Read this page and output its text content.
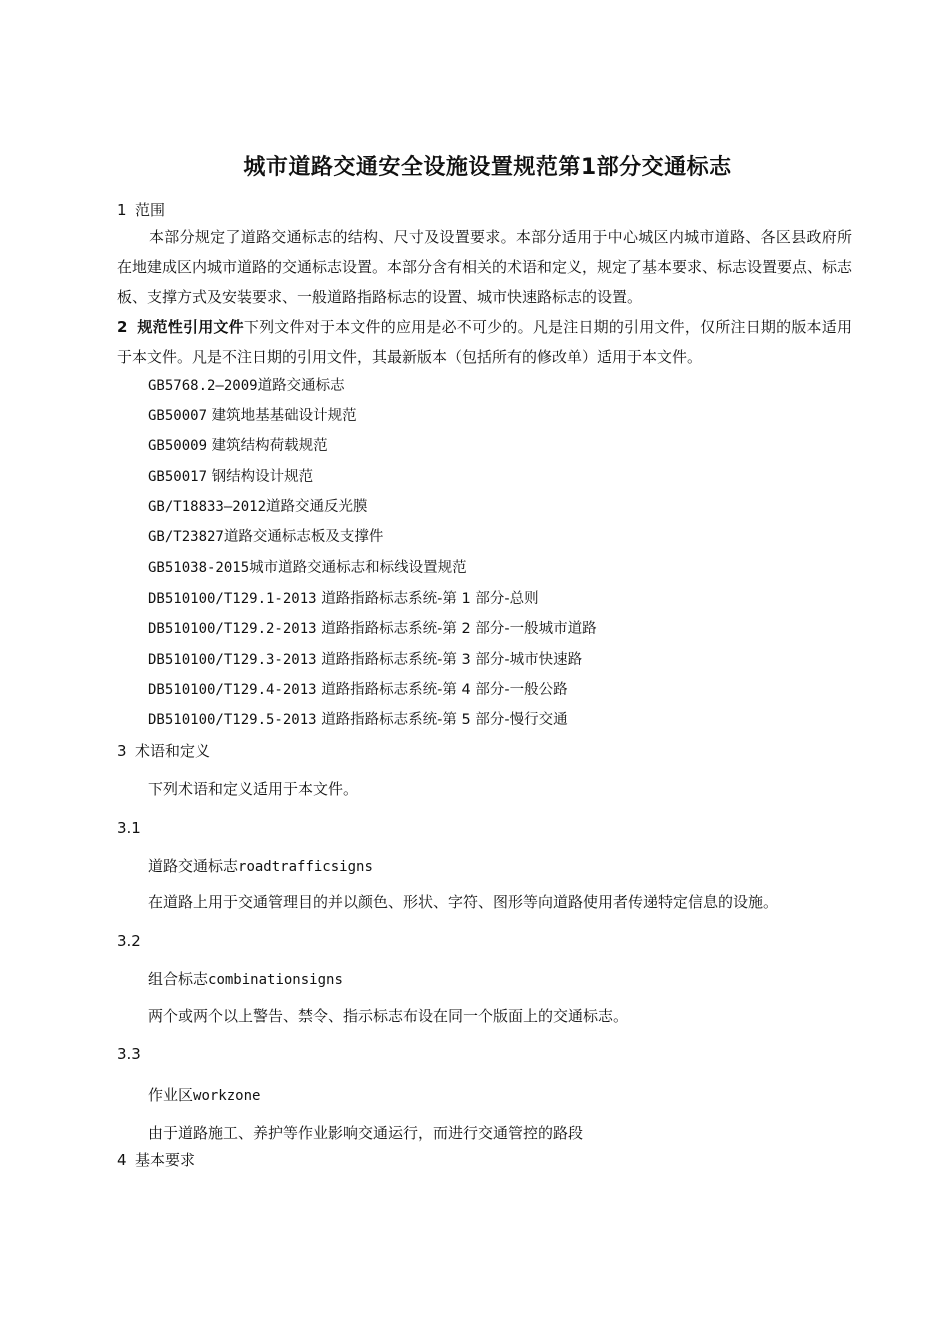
城市道路交通安全设施设置规范第1部分交通标志
1 范围
本部分规定了道路交通标志的结构、尺寸及设置要求。本部分适用于中心城区内城市道路、各区县政府所在地建成区内城市道路的交通标志设置。本部分含有相关的术语和定义，规定了基本要求、标志设置要点、标志板、支撑方式及安装要求、一般道路指路标志的设置、城市快速路标志的设置。
2 规范性引用文件下列文件对于本文件的应用是必不可少的。凡是注日期的引用文件，仅所注日期的版本适用于本文件。凡是不注日期的引用文件，其最新版本（包括所有的修改单）适用于本文件。
GB5768.2—2009道路交通标志
GB50007 建筑地基基础设计规范
GB50009 建筑结构荷载规范
GB50017 钢结构设计规范
GB/T18833—2012道路交通反光膜
GB/T23827道路交通标志板及支撑件
GB51038-2015城市道路交通标志和标线设置规范
DB510100/T129.1-2013 道路指路标志系统-第 1 部分-总则
DB510100/T129.2-2013 道路指路标志系统-第 2 部分-一般城市道路
DB510100/T129.3-2013 道路指路标志系统-第 3 部分-城市快速路
DB510100/T129.4-2013 道路指路标志系统-第 4 部分-一般公路
DB510100/T129.5-2013 道路指路标志系统-第 5 部分-慢行交通
3 术语和定义
下列术语和定义适用于本文件。
3.1
道路交通标志roadtrafficsigns
在道路上用于交通管理目的并以颜色、形状、字符、图形等向道路使用者传递特定信息的设施。
3.2
组合标志combinationsigns
两个或两个以上警告、禁令、指示标志布设在同一个版面上的交通标志。
3.3
作业区workzone
由于道路施工、养护等作业影响交通运行，而进行交通管控的路段
4 基本要求
